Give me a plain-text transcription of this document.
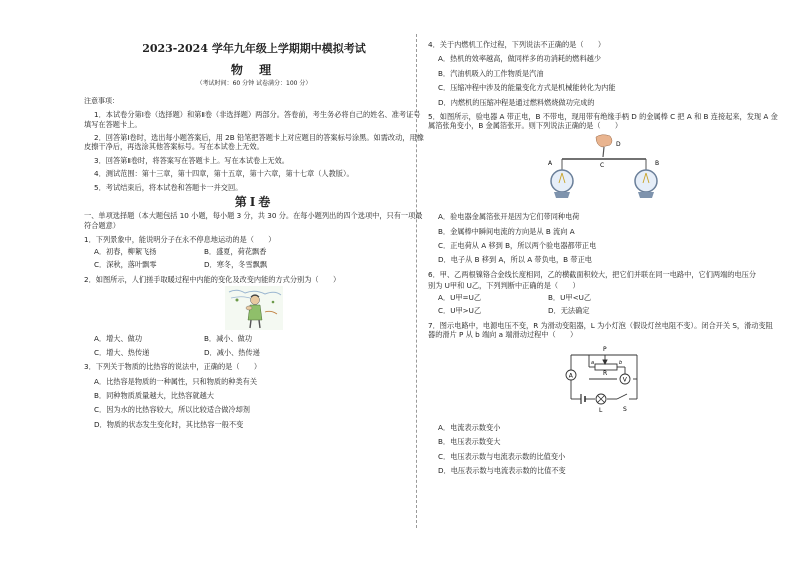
2023-2024 学年九年级上学期期中模拟考试
物 理
（考试时间：60 分钟 试卷满分：100 分）
注意事项：
1．本试卷分第Ⅰ卷（选择题）和第Ⅱ卷（非选择题）两部分。答卷前，考生务必将自己的姓名、准考证号填写在答题卡上。
2．回答第Ⅰ卷时，选出每小题答案后，用 2B 铅笔把答题卡上对应题目的答案标号涂黑。如需改动，用橡皮擦干净后，再选涂其他答案标号。写在本试卷上无效。
3．回答第Ⅱ卷时，将答案写在答题卡上。写在本试卷上无效。
4．测试范围：第十三章，第十四章，第十五章，第十六章，第十七章（人教版）。
5．考试结束后，将本试卷和答题卡一并交回。
第Ⅰ卷
一、单项选择题（本大题包括 10 小题，每小题 3 分，共 30 分。在每小题列出的四个选项中，只有一项最符合题意）
1．下列景象中，能说明分子在永不停息地运动的是（　　）
A．初春，柳絮飞扬	B．盛夏，荷花飘香
C．深秋，落叶飘零	D．寒冬，冬雪飘飘
2．如图所示，人们搓手取暖过程中内能的变化及改变内能的方式分别为（　　）
A．增大、做功	B．减小、做功
C．增大、热传递	D．减小、热传递
3．下列关于物质的比热容的说法中，正确的是（　　）
A．比热容是物质的一种属性，只和物质的种类有关
B．同种物质质量越大，比热容就越大
C．因为水的比热容较大，所以比较适合做冷却剂
D．物质的状态发生变化时，其比热容一般不变
4．关于内燃机工作过程，下列说法不正确的是（　　）
A．热机的效率越高，做同样多的功消耗的燃料越少
B．汽油机吸入的工作物质是汽油
C．压缩冲程中涉及的能量变化方式是机械能转化为内能
D．内燃机的压缩冲程是通过燃料燃烧做功完成的
5．如图所示，验电器 A 带正电，B 不带电，现用带有绝缘手柄 D 的金属棒 C 把 A 和 B 连接起来，发现 A 金属箔张角变小，B 金属箔张开。则下列说法正确的是（　　）
D
C
A	B
A．验电器金属箔张开是因为它们带同种电荷
B．金属棒中瞬间电流的方向是从 B 流向 A
C．正电荷从 A 移到 B，所以两个验电器都带正电
D．电子从 B 移到 A，所以 A 带负电，B 带正电
6．甲、乙两根镍铬合金线长度相同，乙的横截面积较大，把它们并联在同一电路中，它们两端的电压分
别为 U甲和 U乙，下列判断中正确的是（　　）
A．U甲=U乙	B．U甲<U乙
C．U甲>U乙	D．无法确定
7．图示电路中，电源电压不变，R 为滑动变阻器，L 为小灯泡（假设灯丝电阻不变）。闭合开关 S，滑动变阻器的滑片 P 从 b 端向 a 端滑动过程中（　　）
A
V
L	S
P
a
R
b
A．电流表示数变小
B．电压表示数变大
C．电压表示数与电流表示数的比值变小
D．电压表示数与电流表示数的比值不变
